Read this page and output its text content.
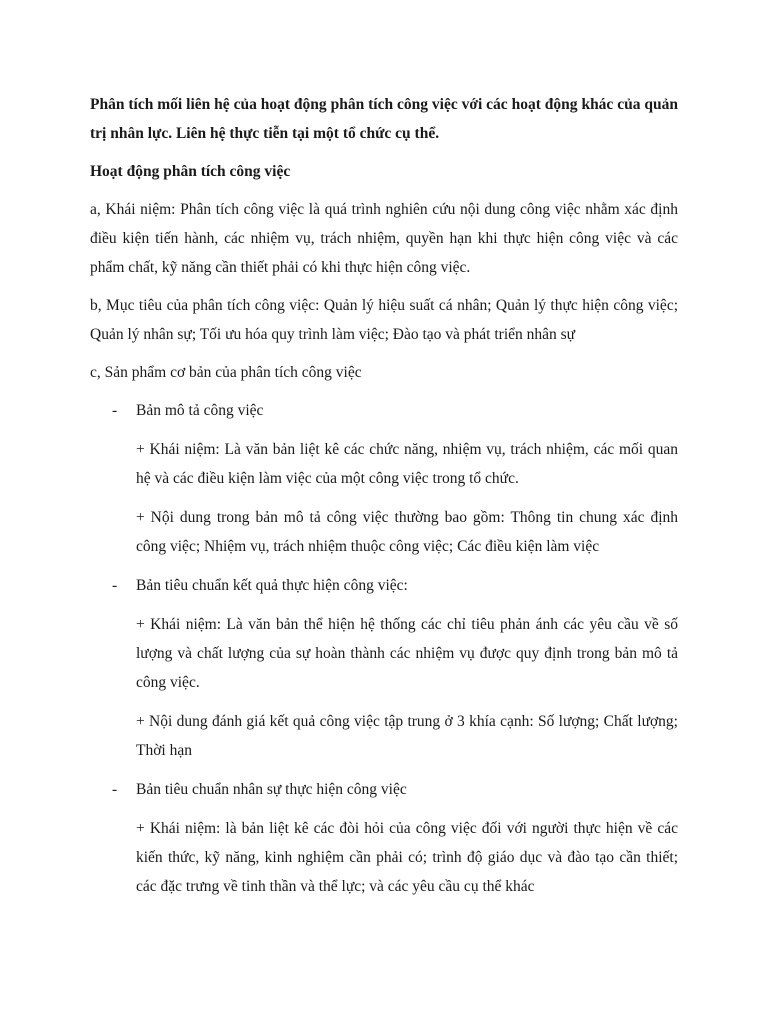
Phân tích mối liên hệ của hoạt động phân tích công việc với các hoạt động khác của quản trị nhân lực. Liên hệ thực tiễn tại một tổ chức cụ thể.

Hoạt động phân tích công việc

a, Khái niệm: Phân tích công việc là quá trình nghiên cứu nội dung công việc nhằm xác định điều kiện tiến hành, các nhiệm vụ, trách nhiệm, quyền hạn khi thực hiện công việc và các phẩm chất, kỹ năng cần thiết phải có khi thực hiện công việc.

b, Mục tiêu của phân tích công việc: Quản lý hiệu suất cá nhân; Quản lý thực hiện công việc; Quản lý nhân sự; Tối ưu hóa quy trình làm việc; Đào tạo và phát triển nhân sự

c, Sản phẩm cơ bản của phân tích công việc

- Bản mô tả công việc

+ Khái niệm: Là văn bản liệt kê các chức năng, nhiệm vụ, trách nhiệm, các mối quan hệ và các điều kiện làm việc của một công việc trong tổ chức.

+ Nội dung trong bản mô tả công việc thường bao gồm: Thông tin chung xác định công việc; Nhiệm vụ, trách nhiệm thuộc công việc; Các điều kiện làm việc

- Bản tiêu chuẩn kết quả thực hiện công việc:

+ Khái niệm: Là văn bản thể hiện hệ thống các chỉ tiêu phản ánh các yêu cầu về số lượng và chất lượng của sự hoàn thành các nhiệm vụ được quy định trong bản mô tả công việc.

+ Nội dung đánh giá kết quả công việc tập trung ở 3 khía cạnh: Số lượng; Chất lượng; Thời hạn

- Bản tiêu chuẩn nhân sự thực hiện công việc

+ Khái niệm: là bản liệt kê các đòi hỏi của công việc đối với người thực hiện về các kiến thức, kỹ năng, kinh nghiệm cần phải có; trình độ giáo dục và đào tạo cần thiết; các đặc trưng về tinh thần và thể lực; và các yêu cầu cụ thể khác
